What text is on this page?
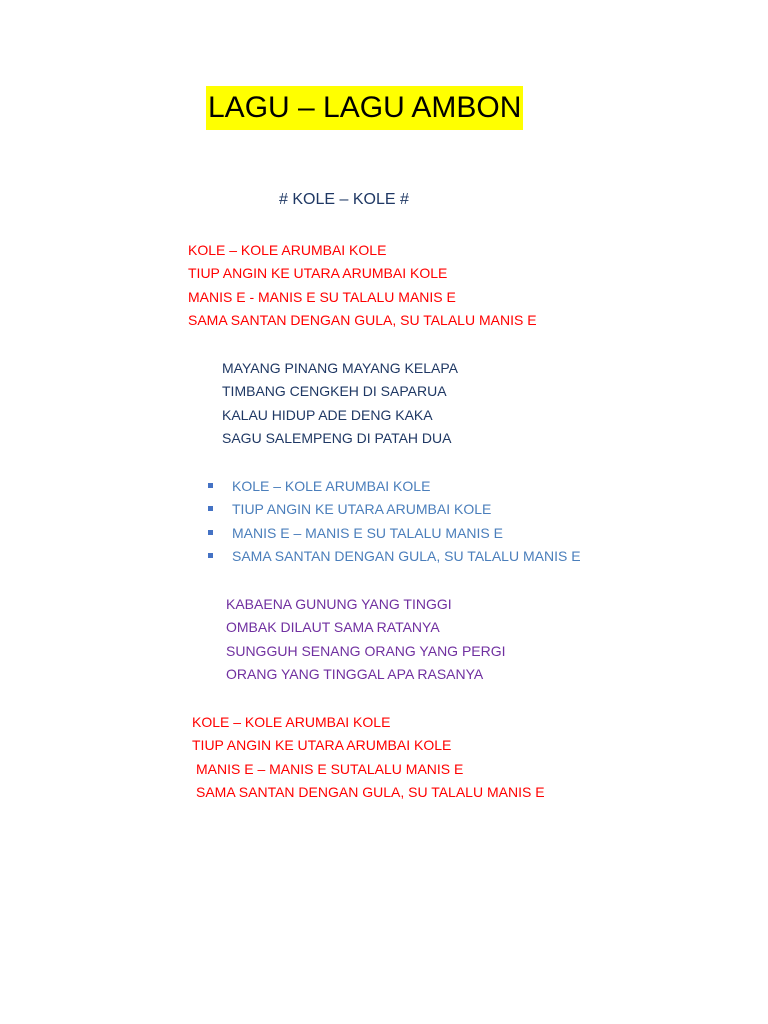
LAGU – LAGU AMBON
# KOLE – KOLE #
KOLE – KOLE ARUMBAI KOLE
TIUP ANGIN KE UTARA ARUMBAI KOLE
MANIS E - MANIS E SU TALALU MANIS E
SAMA SANTAN DENGAN GULA, SU TALALU MANIS E
MAYANG PINANG MAYANG KELAPA
TIMBANG CENGKEH DI SAPARUA
KALAU HIDUP ADE DENG KAKA
SAGU SALEMPENG DI PATAH DUA
KOLE – KOLE ARUMBAI KOLE
TIUP ANGIN KE UTARA ARUMBAI KOLE
MANIS E – MANIS E SU TALALU MANIS E
SAMA SANTAN DENGAN GULA, SU TALALU MANIS E
KABAENA GUNUNG YANG TINGGI
OMBAK DILAUT SAMA RATANYA
SUNGGUH SENANG ORANG YANG PERGI
ORANG YANG TINGGAL APA RASANYA
KOLE – KOLE ARUMBAI KOLE
TIUP ANGIN KE UTARA ARUMBAI KOLE
MANIS E – MANIS E SUTALALU MANIS E
SAMA SANTAN DENGAN GULA, SU TALALU MANIS E
